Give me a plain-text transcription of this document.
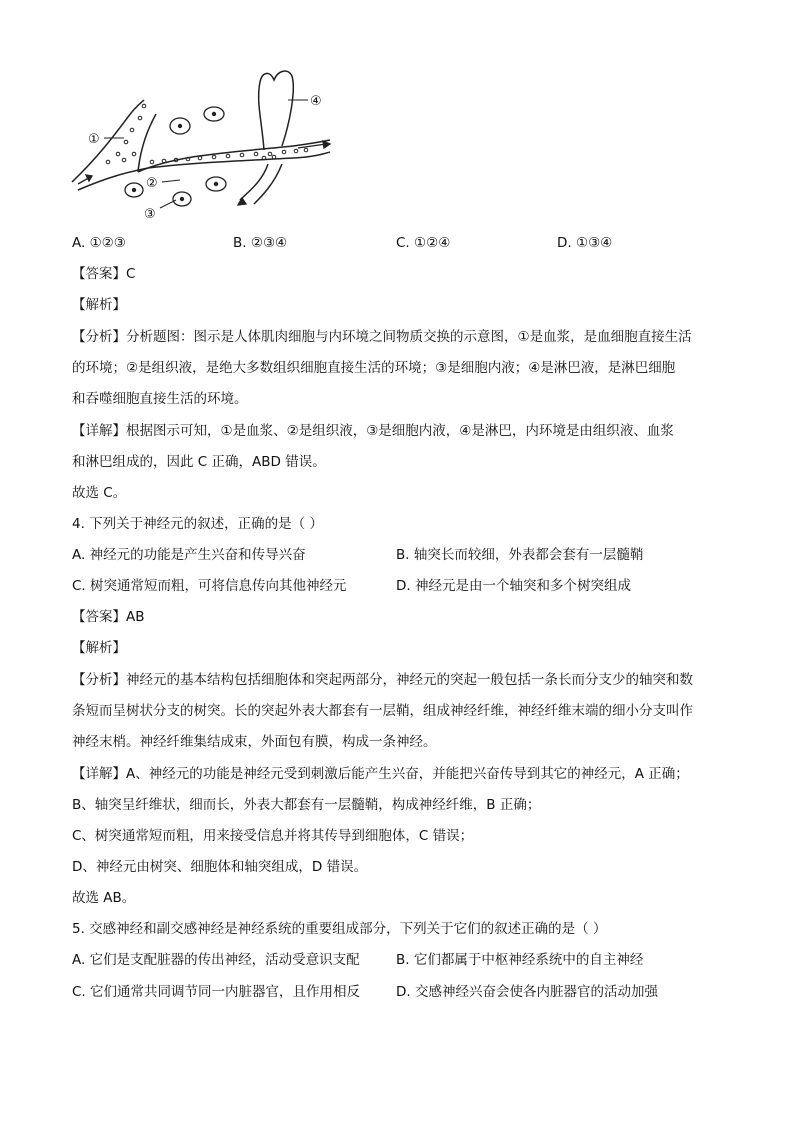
①
②
③
④
A. ①②③	B. ②③④	C. ①②④	D. ①③④
【答案】C
【解析】
【分析】分析题图：图示是人体肌肉细胞与内环境之间物质交换的示意图，①是血浆，是血细胞直接生活
的环境；②是组织液，是绝大多数组织细胞直接生活的环境；③是细胞内液；④是淋巴液，是淋巴细胞
和吞噬细胞直接生活的环境。
【详解】根据图示可知，①是血浆、②是组织液，③是细胞内液，④是淋巴，内环境是由组织液、血浆
和淋巴组成的，因此 C 正确，ABD 错误。
故选 C。
4. 下列关于神经元的叙述，正确的是（ ）
A. 神经元的功能是产生兴奋和传导兴奋	B. 轴突长而较细，外表都会套有一层髓鞘
C. 树突通常短而粗，可将信息传向其他神经元	D. 神经元是由一个轴突和多个树突组成
【答案】AB
【解析】
【分析】神经元的基本结构包括细胞体和突起两部分，神经元的突起一般包括一条长而分支少的轴突和数
条短而呈树状分支的树突。长的突起外表大都套有一层鞘，组成神经纤维，神经纤维末端的细小分支叫作
神经末梢。神经纤维集结成束，外面包有膜，构成一条神经。
【详解】A、神经元的功能是神经元受到刺激后能产生兴奋，并能把兴奋传导到其它的神经元，A 正确；
B、轴突呈纤维状，细而长，外表大都套有一层髓鞘，构成神经纤维，B 正确；
C、树突通常短而粗，用来接受信息并将其传导到细胞体，C 错误；
D、神经元由树突、细胞体和轴突组成，D 错误。
故选 AB。
5. 交感神经和副交感神经是神经系统的重要组成部分，下列关于它们的叙述正确的是（ ）
A. 它们是支配脏器的传出神经，活动受意识支配	B. 它们都属于中枢神经系统中的自主神经
C. 它们通常共同调节同一内脏器官，且作用相反	D. 交感神经兴奋会使各内脏器官的活动加强
